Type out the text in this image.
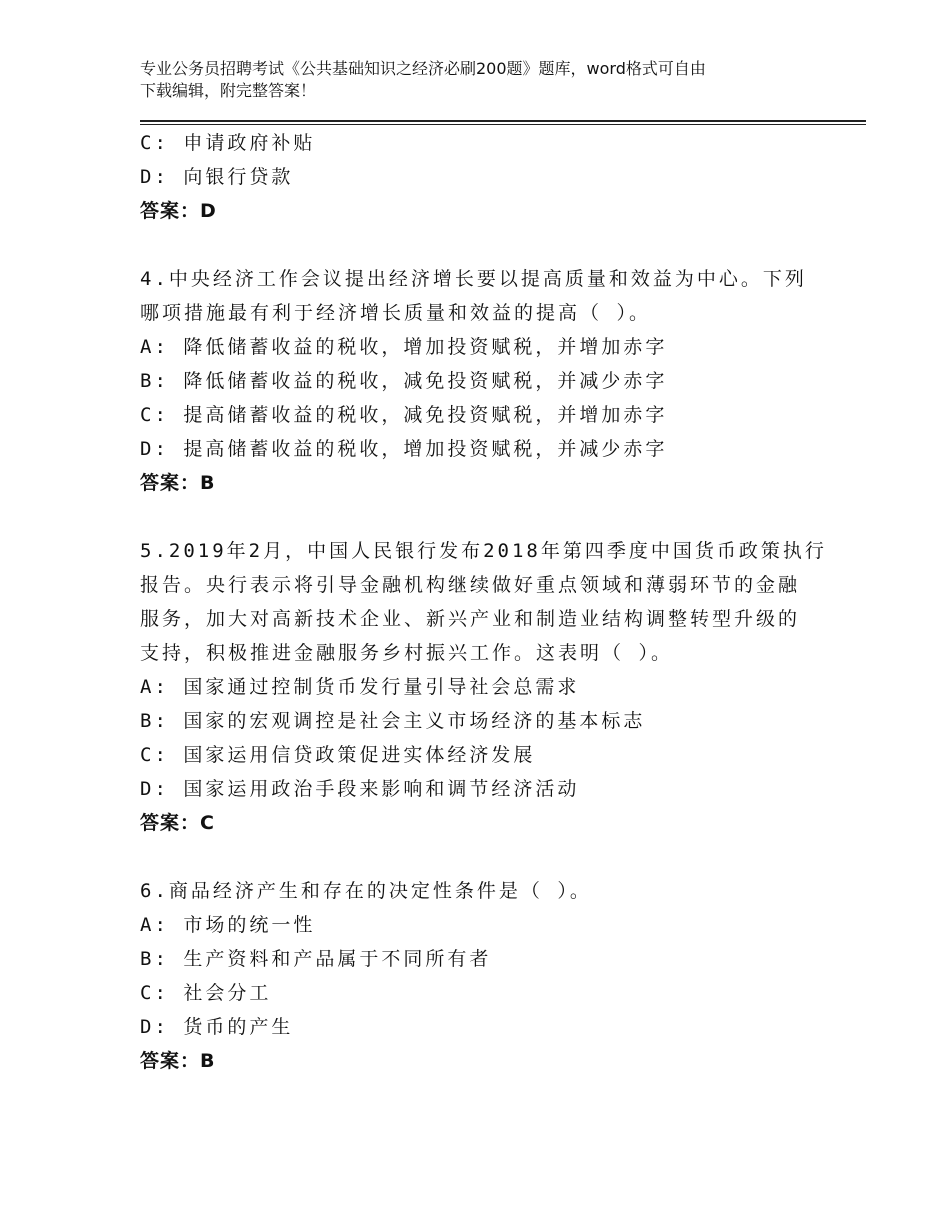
专业公务员招聘考试《公共基础知识之经济必刷200题》题库，word格式可自由
下载编辑，附完整答案！
C: 申请政府补贴
D: 向银行贷款
答案：D
4.中央经济工作会议提出经济增长要以提高质量和效益为中心。下列
哪项措施最有利于经济增长质量和效益的提高（ ）。
A: 降低储蓄收益的税收，增加投资赋税，并增加赤字
B: 降低储蓄收益的税收，减免投资赋税，并减少赤字
C: 提高储蓄收益的税收，减免投资赋税，并增加赤字
D: 提高储蓄收益的税收，增加投资赋税，并减少赤字
答案：B
5.2019年2月，中国人民银行发布2018年第四季度中国货币政策执行
报告。央行表示将引导金融机构继续做好重点领域和薄弱环节的金融
服务，加大对高新技术企业、新兴产业和制造业结构调整转型升级的
支持，积极推进金融服务乡村振兴工作。这表明（ ）。
A: 国家通过控制货币发行量引导社会总需求
B: 国家的宏观调控是社会主义市场经济的基本标志
C: 国家运用信贷政策促进实体经济发展
D: 国家运用政治手段来影响和调节经济活动
答案：C
6.商品经济产生和存在的决定性条件是（ ）。
A: 市场的统一性
B: 生产资料和产品属于不同所有者
C: 社会分工
D: 货币的产生
答案：B
